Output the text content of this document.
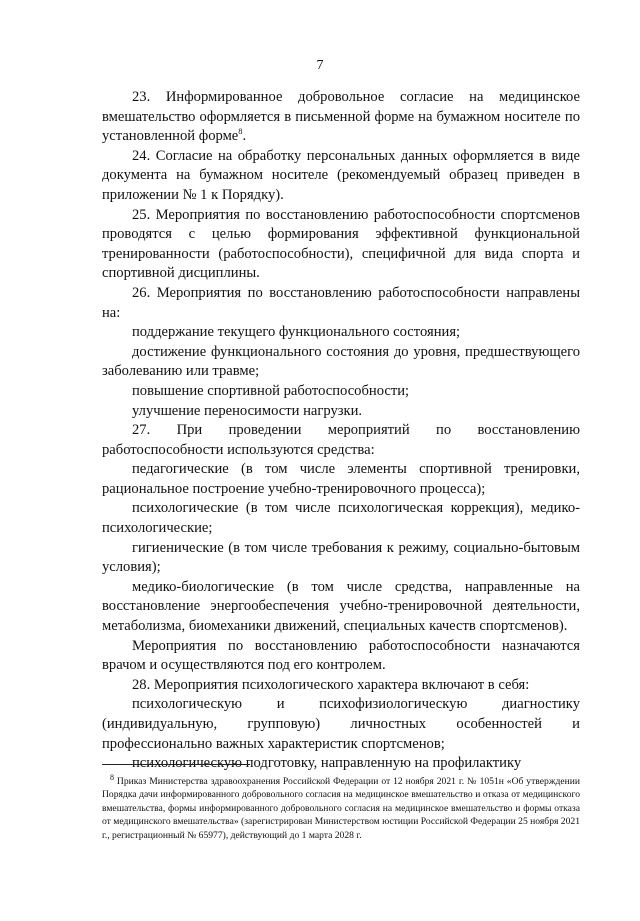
7

23. Информированное добровольное согласие на медицинское вмешательство оформляется в письменной форме на бумажном носителе по установленной форме$^8$.

24. Согласие на обработку персональных данных оформляется в виде документа на бумажном носителе (рекомендуемый образец приведен в приложении № 1 к Порядку).

25. Мероприятия по восстановлению работоспособности спортсменов проводятся с целью формирования эффективной функциональной тренированности (работоспособности), специфичной для вида спорта и спортивной дисциплины.

26. Мероприятия по восстановлению работоспособности направлены на:

поддержание текущего функционального состояния;

достижение функционального состояния до уровня, предшествующего заболеванию или травме;

повышение спортивной работоспособности;

улучшение переносимости нагрузки.

27. При проведении мероприятий по восстановлению работоспособности используются средства:

педагогические (в том числе элементы спортивной тренировки, рациональное построение учебно-тренировочного процесса);

психологические (в том числе психологическая коррекция), медико-психологические;

гигиенические (в том числе требования к режиму, социально-бытовым условия);

медико-биологические (в том числе средства, направленные на восстановление энергообеспечения учебно-тренировочной деятельности, метаболизма, биомеханики движений, специальных качеств спортсменов).

Мероприятия по восстановлению работоспособности назначаются врачом и осуществляются под его контролем.

28. Мероприятия психологического характера включают в себя:

психологическую и психофизиологическую диагностику (индивидуальную, групповую) личностных особенностей и профессионально важных характеристик спортсменов;

психологическую подготовку, направленную на профилактику

$^8$ Приказ Министерства здравоохранения Российской Федерации от 12 ноября 2021 г. № 1051н «Об утверждении Порядка дачи информированного добровольного согласия на медицинское вмешательство и отказа от медицинского вмешательства, формы информированного добровольного согласия на медицинское вмешательство и формы отказа от медицинского вмешательства» (зарегистрирован Министерством юстиции Российской Федерации 25 ноября 2021 г., регистрационный № 65977), действующий до 1 марта 2028 г.
